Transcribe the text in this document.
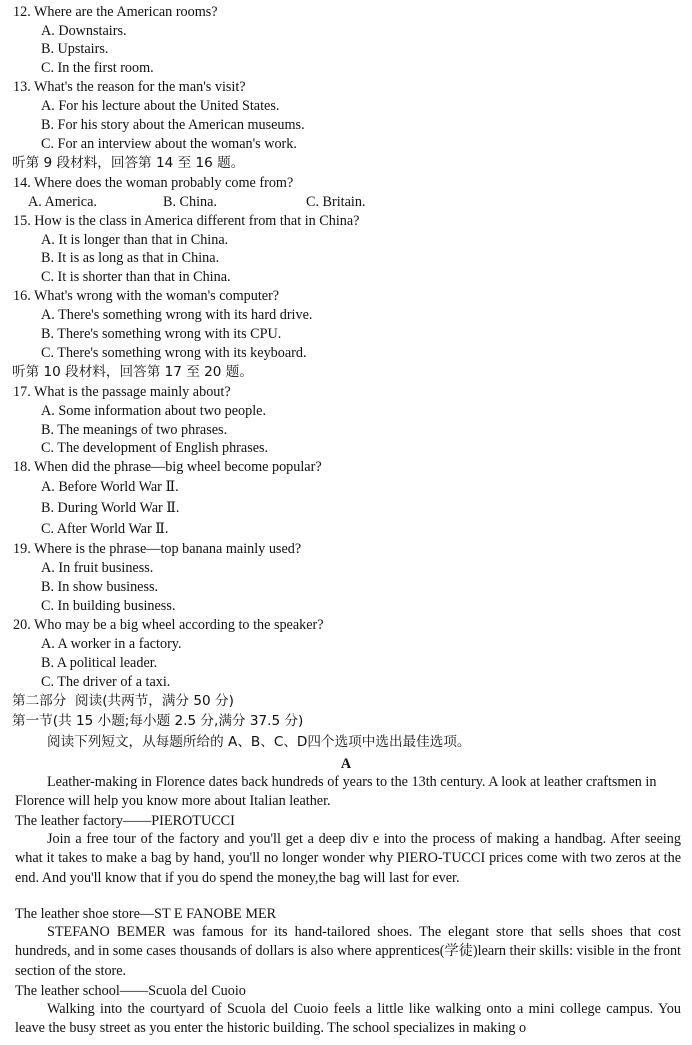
12. Where are the American rooms?
A. Downstairs.
B. Upstairs.
C. In the first room.
13. What's the reason for the man's visit?
A. For his lecture about the United States.
B. For his story about the American museums.
C. For an interview about the woman's work.
听第 9 段材料，回答第 14 至 16 题。
14. Where does the woman probably come from?
A. America.	B. China.	C. Britain.
15. How is the class in America different from that in China?
A. It is longer than that in China.
B. It is as long as that in China.
C. It is shorter than that in China.
16. What's wrong with the woman's computer?
A. There's something wrong with its hard drive.
B. There's something wrong with its CPU.
C. There's something wrong with its keyboard.
听第 10 段材料，回答第 17 至 20 题。
17. What is the passage mainly about?
A. Some information about two people.
B. The meanings of two phrases.
C. The development of English phrases.
18. When did the phrase—big wheel become popular?
A. Before World War Ⅱ.
B. During World War Ⅱ.
C. After World War Ⅱ.
19. Where is the phrase—top banana mainly used?
A. In fruit business.
B. In show business.
C. In building business.
20. Who may be a big wheel according to the speaker?
A. A worker in a factory.
B. A political leader.
C. The driver of a taxi.
第二部分  阅读(共两节，满分 50 分)
第一节(共 15 小题;每小题 2.5 分,满分 37.5 分)
阅读下列短文，从每题所给的 A、B、C、D四个选项中选出最佳选项。
A
Leather-making in Florence dates back hundreds of years to the 13th century. A look at leather craftsmen in Florence will help you know more about Italian leather.
The leather factory——PIEROTUCCI
Join a free tour of the factory and you'll get a deep div e into the process of making a handbag. After seeing what it takes to make a bag by hand, you'll no longer wonder why PIERO-TUCCI prices come with two zeros at the end. And you'll know that if you do spend the money,the bag will last for ever.
The leather shoe store—ST E FANOBE MER
STEFANO BEMER was famous for its hand-tailored shoes. The elegant store that sells shoes that cost hundreds, and in some cases thousands of dollars is also where apprentices(学徒)learn their skills: visible in the front section of the store.
The leather school——Scuola del Cuoio
Walking into the courtyard of Scuola del Cuoio feels a little like walking onto a mini college campus. You leave the busy street as you enter the historic building. The school specializes in making o
